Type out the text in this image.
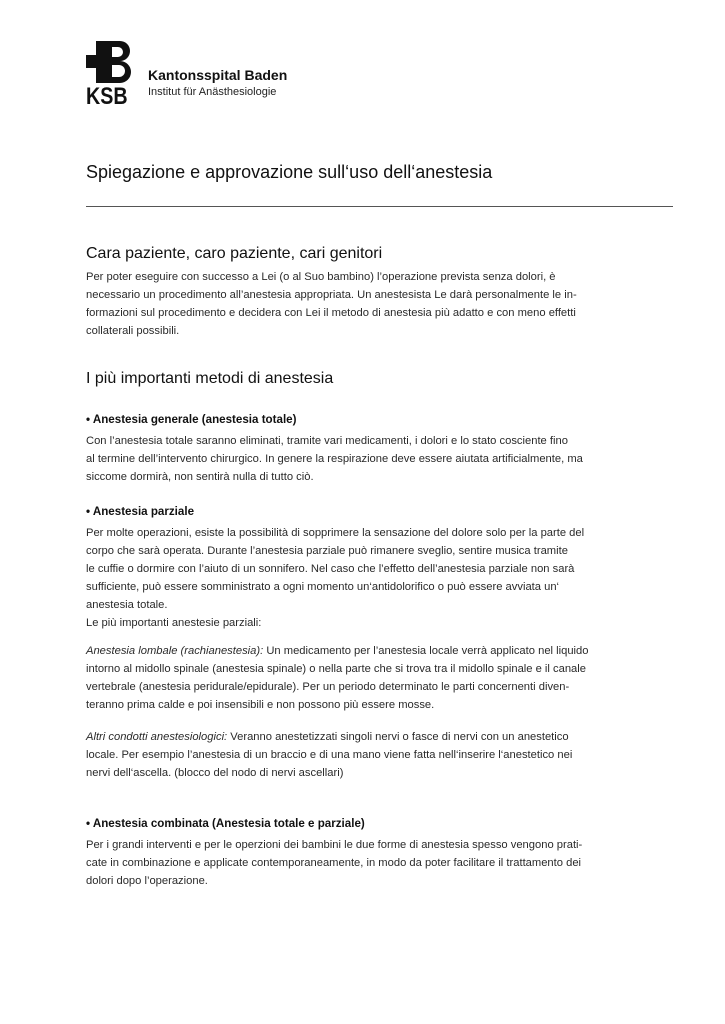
KSB
Kantonsspital Baden
Institut für Anästhesiologie
Spiegazione e approvazione sull‘uso dell‘anestesia
Cara paziente, caro paziente, cari genitori
Per poter eseguire con successo a Lei (o al Suo bambino) l’operazione prevista senza dolori, è
necessario un procedimento all’anestesia appropriata. Un anestesista Le darà personalmente le in-
formazioni sul procedimento e decidera con Lei il metodo di anestesia più adatto e con meno effetti
collaterali possibili.
I più importanti metodi di anestesia
• Anestesia generale (anestesia totale)
Con l’anestesia totale saranno eliminati, tramite vari medicamenti, i dolori e lo stato cosciente fino
al termine dell’intervento chirurgico. In genere la respirazione deve essere aiutata artificialmente, ma
siccome dormirà, non sentirà nulla di tutto ciò.
• Anestesia parziale
Per molte operazioni, esiste la possibilità di sopprimere la sensazione del dolore solo per la parte del
corpo che sarà operata. Durante l’anestesia parziale può rimanere sveglio, sentire musica tramite
le cuffie o dormire con l’aiuto di un sonnifero. Nel caso che l’effetto dell’anestesia parziale non sarà
sufficiente, può essere somministrato a ogni momento un‘antidolorifico o può essere avviata un‘
anestesia totale.
Le più importanti anestesie parziali:
Anestesia lombale (rachianestesia): Un medicamento per l’anestesia locale verrà applicato nel liquido
intorno al midollo spinale (anestesia spinale) o nella parte che si trova tra il midollo spinale e il canale
vertebrale (anestesia peridurale/epidurale). Per un periodo determinato le parti concernenti diven-
teranno prima calde e poi insensibili e non possono più essere mosse.
Altri condotti anestesiologici: Veranno anestetizzati singoli nervi o fasce di nervi con un anestetico
locale. Per esempio l’anestesia di un braccio e di una mano viene fatta nell‘inserire l‘anestetico nei
nervi dell‘ascella. (blocco del nodo di nervi ascellari)
• Anestesia combinata (Anestesia totale e parziale)
Per i grandi interventi e per le operzioni dei bambini le due forme di anestesia spesso vengono prati-
cate in combinazione e applicate contemporaneamente, in modo da poter facilitare il trattamento dei
dolori dopo l’operazione.
